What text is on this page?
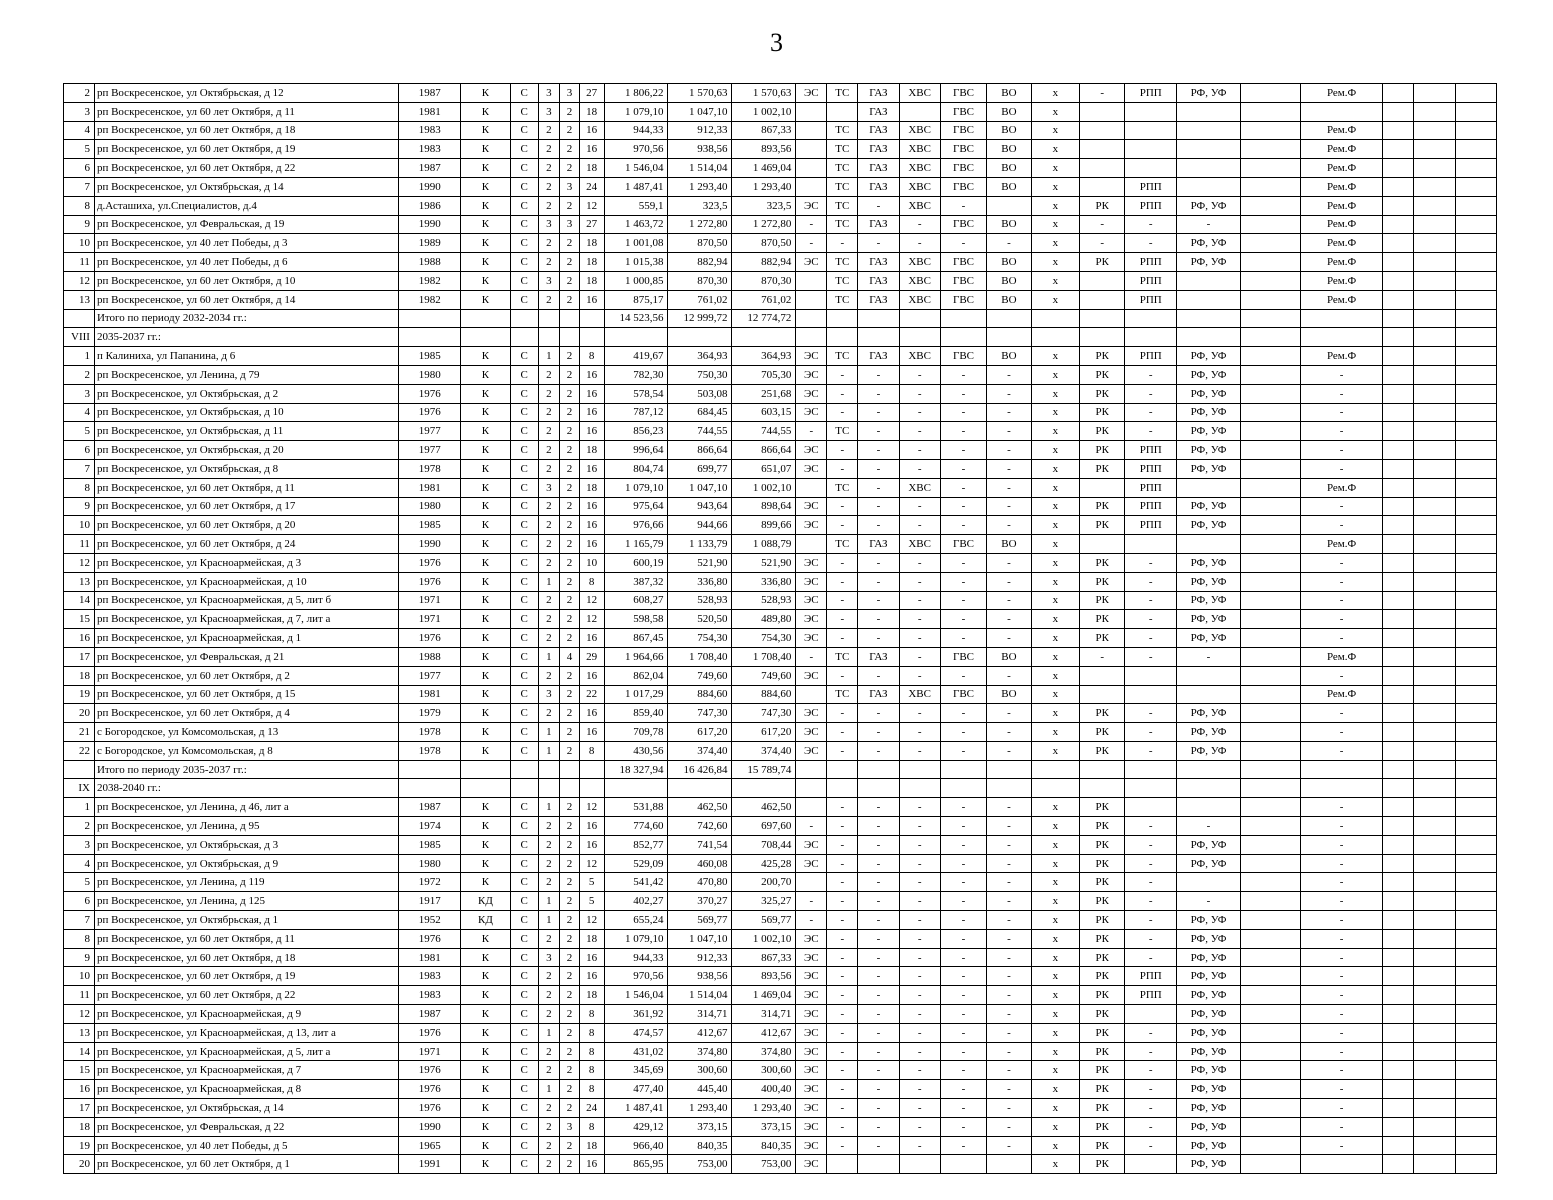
3
2	рп Воскресенское, ул Октябрьская, д 12	1987	К	С	3	3	27	1 806,22	1 570,63	1 570,63	ЭС	ТС	ГАЗ	ХВС	ГВС	ВО	х	-	РПП	РФ, УФ		Рем.Ф			
3	рп Воскресенское, ул 60 лет Октября, д 11	1981	К	С	3	2	18	1 079,10	1 047,10	1 002,10			ГАЗ		ГВС	ВО	х								
4	рп Воскресенское, ул 60 лет Октября, д 18	1983	К	С	2	2	16	944,33	912,33	867,33		ТС	ГАЗ	ХВС	ГВС	ВО	х					Рем.Ф			
5	рп Воскресенское, ул 60 лет Октября, д 19	1983	К	С	2	2	16	970,56	938,56	893,56		ТС	ГАЗ	ХВС	ГВС	ВО	х					Рем.Ф			
6	рп Воскресенское, ул 60 лет Октября, д 22	1987	К	С	2	2	18	1 546,04	1 514,04	1 469,04		ТС	ГАЗ	ХВС	ГВС	ВО	х					Рем.Ф			
7	рп Воскресенское, ул Октябрьская, д 14	1990	К	С	2	3	24	1 487,41	1 293,40	1 293,40		ТС	ГАЗ	ХВС	ГВС	ВО	х		РПП			Рем.Ф			
8	д.Асташиха, ул.Специалистов, д.4	1986	К	С	2	2	12	559,1	323,5	323,5	ЭС	ТС	-	ХВС	-		х	РК	РПП	РФ, УФ		Рем.Ф			
9	рп Воскресенское, ул Февральская, д 19	1990	К	С	3	3	27	1 463,72	1 272,80	1 272,80	-	ТС	ГАЗ	-	ГВС	ВО	х	-	-	-		Рем.Ф			
10	рп Воскресенское, ул 40 лет Победы, д 3	1989	К	С	2	2	18	1 001,08	870,50	870,50	-	-	-	-	-	-	х	-	-	РФ, УФ		Рем.Ф			
11	рп Воскресенское, ул 40 лет Победы, д 6	1988	К	С	2	2	18	1 015,38	882,94	882,94	ЭС	ТС	ГАЗ	ХВС	ГВС	ВО	х	РК	РПП	РФ, УФ		Рем.Ф			
12	рп Воскресенское, ул 60 лет Октября, д 10	1982	К	С	3	2	18	1 000,85	870,30	870,30		ТС	ГАЗ	ХВС	ГВС	ВО	х		РПП			Рем.Ф			
13	рп Воскресенское, ул 60 лет Октября, д 14	1982	К	С	2	2	16	875,17	761,02	761,02		ТС	ГАЗ	ХВС	ГВС	ВО	х		РПП			Рем.Ф			
	Итого по периоду 2032-2034 гг.:							14 523,56	12 999,72	12 774,72															
VIII	2035-2037 гг.:																								
1	п Калиниха, ул Папанина, д 6	1985	К	С	1	2	8	419,67	364,93	364,93	ЭС	ТС	ГАЗ	ХВС	ГВС	ВО	х	РК	РПП	РФ, УФ		Рем.Ф			
2	рп Воскресенское, ул Ленина, д 79	1980	К	С	2	2	16	782,30	750,30	705,30	ЭС	-	-	-	-	-	х	РК	-	РФ, УФ		-			
3	рп Воскресенское, ул Октябрьская, д 2	1976	К	С	2	2	16	578,54	503,08	251,68	ЭС	-	-	-	-	-	х	РК	-	РФ, УФ		-			
4	рп Воскресенское, ул Октябрьская, д 10	1976	К	С	2	2	16	787,12	684,45	603,15	ЭС	-	-	-	-	-	х	РК	-	РФ, УФ		-			
5	рп Воскресенское, ул Октябрьская, д 11	1977	К	С	2	2	16	856,23	744,55	744,55	-	ТС	-	-	-	-	х	РК	-	РФ, УФ		-			
6	рп Воскресенское, ул Октябрьская, д 20	1977	К	С	2	2	18	996,64	866,64	866,64	ЭС	-	-	-	-	-	х	РК	РПП	РФ, УФ		-			
7	рп Воскресенское, ул Октябрьская, д 8	1978	К	С	2	2	16	804,74	699,77	651,07	ЭС	-	-	-	-	-	х	РК	РПП	РФ, УФ		-			
8	рп Воскресенское, ул 60 лет Октября, д 11	1981	К	С	3	2	18	1 079,10	1 047,10	1 002,10		ТС	-	ХВС	-	-	х		РПП			Рем.Ф			
9	рп Воскресенское, ул 60 лет Октября, д 17	1980	К	С	2	2	16	975,64	943,64	898,64	ЭС	-	-	-	-	-	х	РК	РПП	РФ, УФ		-			
10	рп Воскресенское, ул 60 лет Октября, д 20	1985	К	С	2	2	16	976,66	944,66	899,66	ЭС	-	-	-	-	-	х	РК	РПП	РФ, УФ		-			
11	рп Воскресенское, ул 60 лет Октября, д 24	1990	К	С	2	2	16	1 165,79	1 133,79	1 088,79		ТС	ГАЗ	ХВС	ГВС	ВО	х					Рем.Ф			
12	рп Воскресенское, ул Красноармейская, д 3	1976	К	С	2	2	10	600,19	521,90	521,90	ЭС	-	-	-	-	-	х	РК	-	РФ, УФ		-			
13	рп Воскресенское, ул Красноармейская, д 10	1976	К	С	1	2	8	387,32	336,80	336,80	ЭС	-	-	-	-	-	х	РК	-	РФ, УФ		-			
14	рп Воскресенское, ул Красноармейская, д 5, лит б	1971	К	С	2	2	12	608,27	528,93	528,93	ЭС	-	-	-	-	-	х	РК	-	РФ, УФ		-			
15	рп Воскресенское, ул Красноармейская, д 7, лит а	1971	К	С	2	2	12	598,58	520,50	489,80	ЭС	-	-	-	-	-	х	РК	-	РФ, УФ		-			
16	рп Воскресенское, ул Красноармейская, д 1	1976	К	С	2	2	16	867,45	754,30	754,30	ЭС	-	-	-	-	-	х	РК	-	РФ, УФ		-			
17	рп Воскресенское, ул Февральская, д 21	1988	К	С	1	4	29	1 964,66	1 708,40	1 708,40	-	ТС	ГАЗ	-	ГВС	ВО	х	-	-	-		Рем.Ф			
18	рп Воскресенское, ул 60 лет Октября, д 2	1977	К	С	2	2	16	862,04	749,60	749,60	ЭС	-	-	-	-	-	х					-			
19	рп Воскресенское, ул 60 лет Октября, д 15	1981	К	С	3	2	22	1 017,29	884,60	884,60		ТС	ГАЗ	ХВС	ГВС	ВО	х					Рем.Ф			
20	рп Воскресенское, ул 60 лет Октября, д 4	1979	К	С	2	2	16	859,40	747,30	747,30	ЭС	-	-	-	-	-	х	РК	-	РФ, УФ		-			
21	с Богородское, ул Комсомольская, д 13	1978	К	С	1	2	16	709,78	617,20	617,20	ЭС	-	-	-	-	-	х	РК	-	РФ, УФ		-			
22	с Богородское, ул Комсомольская, д 8	1978	К	С	1	2	8	430,56	374,40	374,40	ЭС	-	-	-	-	-	х	РК	-	РФ, УФ		-			
	Итого по периоду 2035-2037 гг.:							18 327,94	16 426,84	15 789,74															
IX	2038-2040 гг.:																								
1	рп Воскресенское, ул Ленина, д 46, лит а	1987	К	С	1	2	12	531,88	462,50	462,50		-	-	-	-	-	х	РК				-			
2	рп Воскресенское, ул Ленина, д 95	1974	К	С	2	2	16	774,60	742,60	697,60	-	-	-	-	-	-	х	РК	-	-		-			
3	рп Воскресенское, ул Октябрьская, д 3	1985	К	С	2	2	16	852,77	741,54	708,44	ЭС	-	-	-	-	-	х	РК	-	РФ, УФ		-			
4	рп Воскресенское, ул Октябрьская, д 9	1980	К	С	2	2	12	529,09	460,08	425,28	ЭС	-	-	-	-	-	х	РК	-	РФ, УФ		-			
5	рп Воскресенское, ул Ленина, д 119	1972	К	С	2	2	5	541,42	470,80	200,70		-	-	-	-	-	х	РК	-			-			
6	рп Воскресенское, ул Ленина, д 125	1917	КД	С	1	2	5	402,27	370,27	325,27	-	-	-	-	-	-	х	РК	-	-		-			
7	рп Воскресенское, ул Октябрьская, д 1	1952	КД	С	1	2	12	655,24	569,77	569,77	-	-	-	-	-	-	х	РК	-	РФ, УФ		-			
8	рп Воскресенское, ул 60 лет Октября, д 11	1976	К	С	2	2	18	1 079,10	1 047,10	1 002,10	ЭС	-	-	-	-	-	х	РК	-	РФ, УФ		-			
9	рп Воскресенское, ул 60 лет Октября, д 18	1981	К	С	3	2	16	944,33	912,33	867,33	ЭС	-	-	-	-	-	х	РК	-	РФ, УФ		-			
10	рп Воскресенское, ул 60 лет Октября, д 19	1983	К	С	2	2	16	970,56	938,56	893,56	ЭС	-	-	-	-	-	х	РК	РПП	РФ, УФ		-			
11	рп Воскресенское, ул 60 лет Октября, д 22	1983	К	С	2	2	18	1 546,04	1 514,04	1 469,04	ЭС	-	-	-	-	-	х	РК	РПП	РФ, УФ		-			
12	рп Воскресенское, ул Красноармейская, д 9	1987	К	С	2	2	8	361,92	314,71	314,71	ЭС	-	-	-	-	-	х	РК		РФ, УФ		-			
13	рп Воскресенское, ул Красноармейская, д 13, лит а	1976	К	С	1	2	8	474,57	412,67	412,67	ЭС	-	-	-	-	-	х	РК	-	РФ, УФ		-			
14	рп Воскресенское, ул Красноармейская, д 5, лит а	1971	К	С	2	2	8	431,02	374,80	374,80	ЭС	-	-	-	-	-	х	РК	-	РФ, УФ		-			
15	рп Воскресенское, ул Красноармейская, д 7	1976	К	С	2	2	8	345,69	300,60	300,60	ЭС	-	-	-	-	-	х	РК	-	РФ, УФ		-			
16	рп Воскресенское, ул Красноармейская, д 8	1976	К	С	1	2	8	477,40	445,40	400,40	ЭС	-	-	-	-	-	х	РК	-	РФ, УФ		-			
17	рп Воскресенское, ул Октябрьская, д 14	1976	К	С	2	2	24	1 487,41	1 293,40	1 293,40	ЭС	-	-	-	-	-	х	РК	-	РФ, УФ		-			
18	рп Воскресенское, ул Февральская, д 22	1990	К	С	2	3	8	429,12	373,15	373,15	ЭС	-	-	-	-	-	х	РК	-	РФ, УФ		-			
19	рп Воскресенское, ул 40 лет Победы, д 5	1965	К	С	2	2	18	966,40	840,35	840,35	ЭС	-	-	-	-	-	х	РК	-	РФ, УФ		-			
20	рп Воскресенское, ул 60 лет Октября, д 1	1991	К	С	2	2	16	865,95	753,00	753,00	ЭС						х	РК		РФ, УФ					
